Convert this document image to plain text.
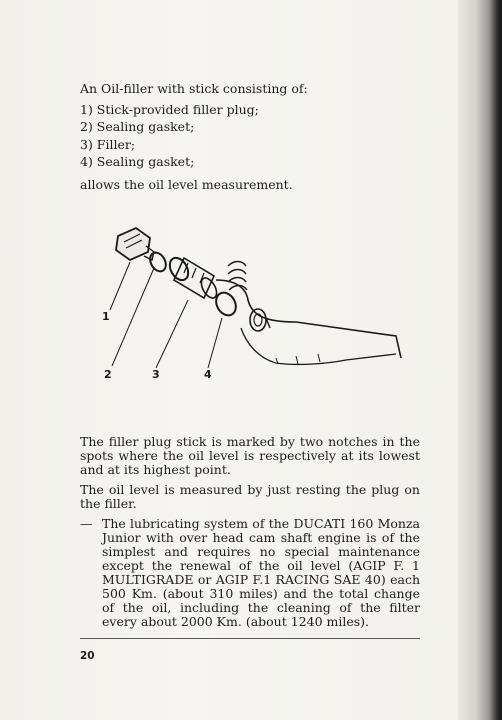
An Oil-filler with stick consisting of:

1) Stick-provided filler plug;
2) Sealing gasket;
3) Filler;
4) Sealing gasket;

allows the oil level measurement.

1
2	3	4

The filler plug stick is marked by two notches in the spots where the oil level is respectively at its lowest and at its highest point.

The oil level is measured by just resting the plug on the filler.

— The lubricating system of the DUCATI 160 Monza Junior with over head cam shaft engine is of the simplest and requires no special maintenance except the renewal of the oil level (AGIP F. 1 MULTIGRADE or AGIP F.1 RACING SAE 40) each 500 Km. (about 310 miles) and the total change of the oil, including the cleaning of the filter every about 2000 Km. (about 1240 miles).
20
